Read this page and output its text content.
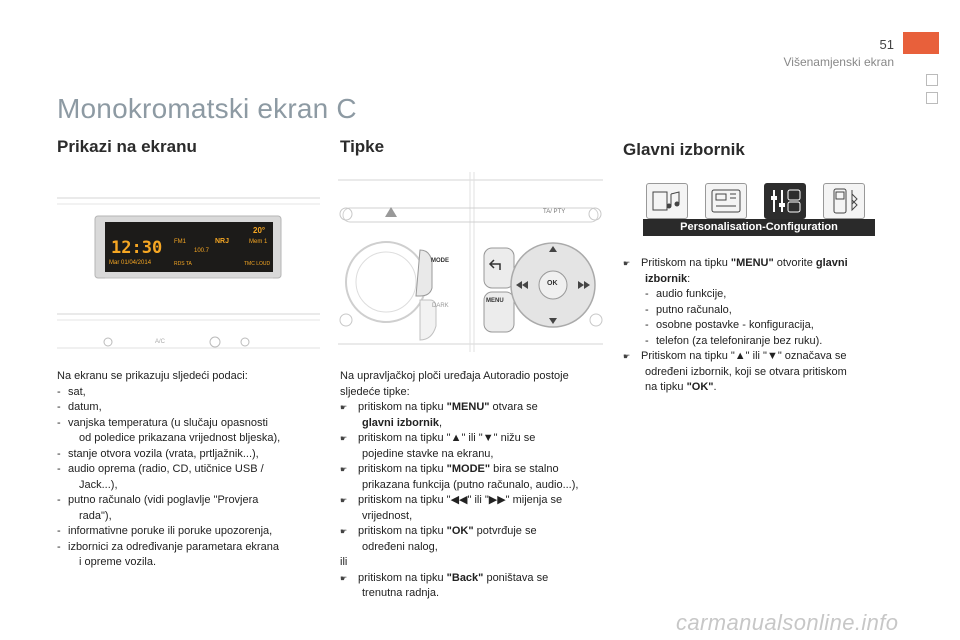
51
Višenamjenski ekran
Monokromatski ekran C
Prikazi na ekranu
12:30
Mar 01/04/2014
20°
FM1	NRJ	Mem 1
100.7
RDS TA	TMC LOUD
A/C
Na ekranu se prikazuju sljedeći podaci:
- sat,
- datum,
- vanjska temperatura (u slučaju opasnosti
od poledice prikazana vrijednost bljeska),
- stanje otvora vozila (vrata, prtljažnik...),
- audio oprema (radio, CD, utičnice USB /
Jack...),
- putno računalo (vidi poglavlje "Provjera
rada"),
- informativne poruke ili poruke upozorenja,
- izbornici za određivanje parametara ekrana
i opreme vozila.
Tipke
TA/ PTY
MODE
DARK
MENU
OK
Na upravljačkoj ploči uređaja Autoradio postoje
sljedeće tipke:
☛ pritiskom na tipku "MENU" otvara se
glavni izbornik,
☛ pritiskom na tipku "▲" ili "▼" nižu se
pojedine stavke na ekranu,
☛ pritiskom na tipku "MODE" bira se stalno
prikazana funkcija (putno računalo, audio...),
☛ pritiskom na tipku "◀◀" ili "▶▶" mijenja se
vrijednost,
☛ pritiskom na tipku "OK" potvrđuje se
određeni nalog,
ili
☛ pritiskom na tipku "Back" poništava se
trenutna radnja.
Glavni izbornik
Personalisation-Configuration
☛ Pritiskom na tipku "MENU" otvorite glavni
izbornik:
- audio funkcije,
- putno računalo,
- osobne postavke - konfiguracija,
- telefon (za telefoniranje bez ruku).
☛ Pritiskom na tipku "▲" ili "▼" označava se
određeni izbornik, koji se otvara pritiskom
na tipku "OK".
carmanualsonline.info
